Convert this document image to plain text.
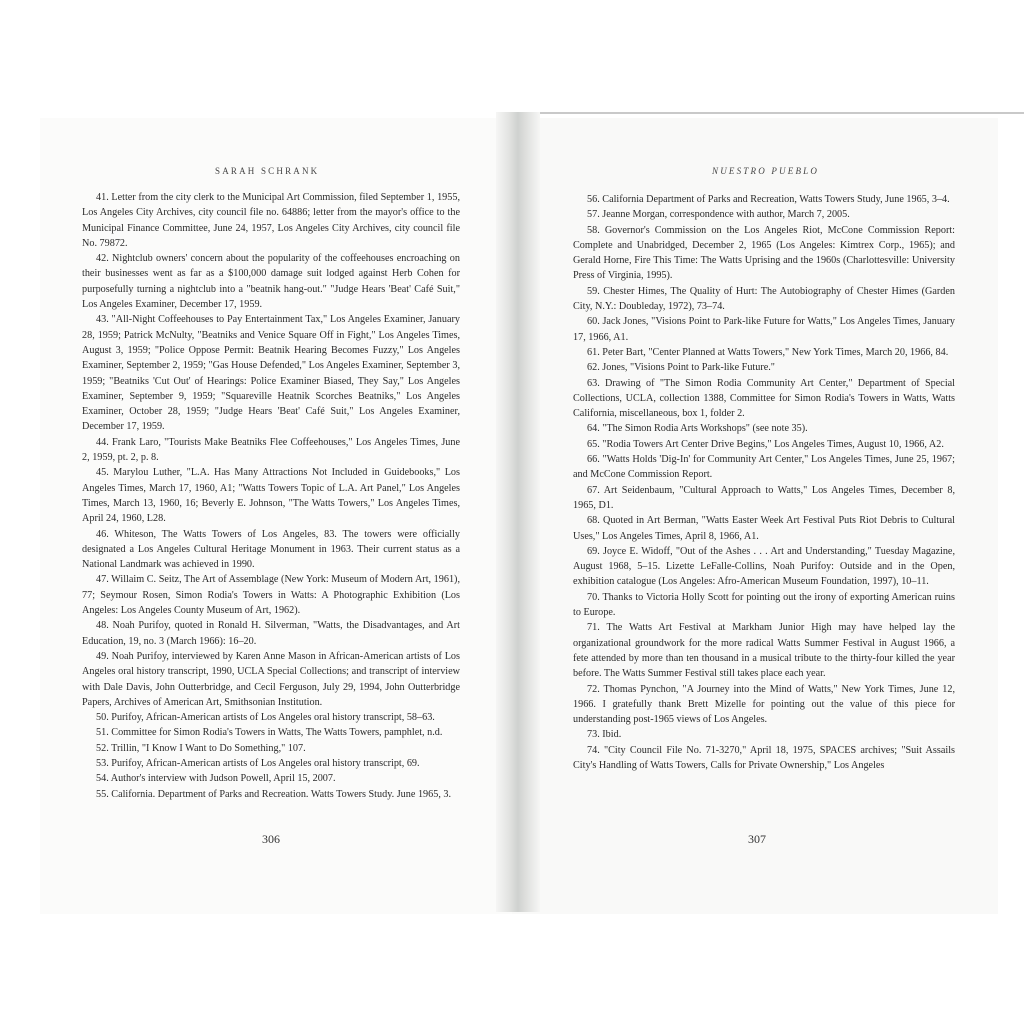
SARAH SCHRANK	NUESTRO PUEBLO

41. Letter from the city clerk to the Municipal Art Commission, filed September 1, 1955, Los Angeles City Archives, city council file no. 64886; letter from the mayor's office to the Municipal Finance Committee, June 24, 1957, Los Angeles City Archives, city council file No. 79872.

42. Nightclub owners' concern about the popularity of the coffeehouses encroaching on their businesses went as far as a $100,000 damage suit lodged against Herb Cohen for purposefully turning a nightclub into a "beatnik hang-out." "Judge Hears 'Beat' Café Suit," Los Angeles Examiner, December 17, 1959.

43. "All-Night Coffeehouses to Pay Entertainment Tax," Los Angeles Examiner, January 28, 1959; Patrick McNulty, "Beatniks and Venice Square Off in Fight," Los Angeles Times, August 3, 1959; "Police Oppose Permit: Beatnik Hearing Becomes Fuzzy," Los Angeles Examiner, September 2, 1959; "Gas House Defended," Los Angeles Examiner, September 3, 1959; "Beatniks 'Cut Out' of Hearings: Police Examiner Biased, They Say," Los Angeles Examiner, September 9, 1959; "Squareville Heatnik Scorches Beatniks," Los Angeles Examiner, October 28, 1959; "Judge Hears 'Beat' Café Suit," Los Angeles Examiner, December 17, 1959.

44. Frank Laro, "Tourists Make Beatniks Flee Coffeehouses," Los Angeles Times, June 2, 1959, pt. 2, p. 8.

45. Marylou Luther, "L.A. Has Many Attractions Not Included in Guidebooks," Los Angeles Times, March 17, 1960, A1; "Watts Towers Topic of L.A. Art Panel," Los Angeles Times, March 13, 1960, 16; Beverly E. Johnson, "The Watts Towers," Los Angeles Times, April 24, 1960, L28.

46. Whiteson, The Watts Towers of Los Angeles, 83. The towers were officially designated a Los Angeles Cultural Heritage Monument in 1963. Their current status as a National Landmark was achieved in 1990.

47. Willaim C. Seitz, The Art of Assemblage (New York: Museum of Modern Art, 1961), 77; Seymour Rosen, Simon Rodia's Towers in Watts: A Photographic Exhibition (Los Angeles: Los Angeles County Museum of Art, 1962).

48. Noah Purifoy, quoted in Ronald H. Silverman, "Watts, the Disadvantages, and Art Education, 19, no. 3 (March 1966): 16–20.

49. Noah Purifoy, interviewed by Karen Anne Mason in African-American artists of Los Angeles oral history transcript, 1990, UCLA Special Collections; and transcript of interview with Dale Davis, John Outterbridge, and Cecil Ferguson, July 29, 1994, John Outterbridge Papers, Archives of American Art, Smithsonian Institution.

50. Purifoy, African-American artists of Los Angeles oral history transcript, 58–63.

51. Committee for Simon Rodia's Towers in Watts, The Watts Towers, pamphlet, n.d.

52. Trillin, "I Know I Want to Do Something," 107.

53. Purifoy, African-American artists of Los Angeles oral history transcript, 69.

54. Author's interview with Judson Powell, April 15, 2007.

55. California. Department of Parks and Recreation. Watts Towers Study. June 1965, 3.

56. California Department of Parks and Recreation, Watts Towers Study, June 1965, 3–4.

57. Jeanne Morgan, correspondence with author, March 7, 2005.

58. Governor's Commission on the Los Angeles Riot, McCone Commission Report: Complete and Unabridged, December 2, 1965 (Los Angeles: Kimtrex Corp., 1965); and Gerald Horne, Fire This Time: The Watts Uprising and the 1960s (Charlottesville: University Press of Virginia, 1995).

59. Chester Himes, The Quality of Hurt: The Autobiography of Chester Himes (Garden City, N.Y.: Doubleday, 1972), 73–74.

60. Jack Jones, "Visions Point to Park-like Future for Watts," Los Angeles Times, January 17, 1966, A1.

61. Peter Bart, "Center Planned at Watts Towers," New York Times, March 20, 1966, 84.

62. Jones, "Visions Point to Park-like Future."

63. Drawing of "The Simon Rodia Community Art Center," Department of Special Collections, UCLA, collection 1388, Committee for Simon Rodia's Towers in Watts, Watts California, miscellaneous, box 1, folder 2.

64. "The Simon Rodia Arts Workshops" (see note 35).

65. "Rodia Towers Art Center Drive Begins," Los Angeles Times, August 10, 1966, A2.

66. "Watts Holds 'Dig-In' for Community Art Center," Los Angeles Times, June 25, 1967; and McCone Commission Report.

67. Art Seidenbaum, "Cultural Approach to Watts," Los Angeles Times, December 8, 1965, D1.

68. Quoted in Art Berman, "Watts Easter Week Art Festival Puts Riot Debris to Cultural Uses," Los Angeles Times, April 8, 1966, A1.

69. Joyce E. Widoff, "Out of the Ashes . . . Art and Understanding," Tuesday Magazine, August 1968, 5–15. Lizette LeFalle-Collins, Noah Purifoy: Outside and in the Open, exhibition catalogue (Los Angeles: Afro-American Museum Foundation, 1997), 10–11.

70. Thanks to Victoria Holly Scott for pointing out the irony of exporting American ruins to Europe.

71. The Watts Art Festival at Markham Junior High may have helped lay the organizational groundwork for the more radical Watts Summer Festival in August 1966, a fete attended by more than ten thousand in a musical tribute to the thirty-four killed the year before. The Watts Summer Festival still takes place each year.

72. Thomas Pynchon, "A Journey into the Mind of Watts," New York Times, June 12, 1966. I gratefully thank Brett Mizelle for pointing out the value of this piece for understanding post-1965 views of Los Angeles.

73. Ibid.

74. "City Council File No. 71-3270," April 18, 1975, SPACES archives; "Suit Assails City's Handling of Watts Towers, Calls for Private Ownership," Los Angeles

306	307
